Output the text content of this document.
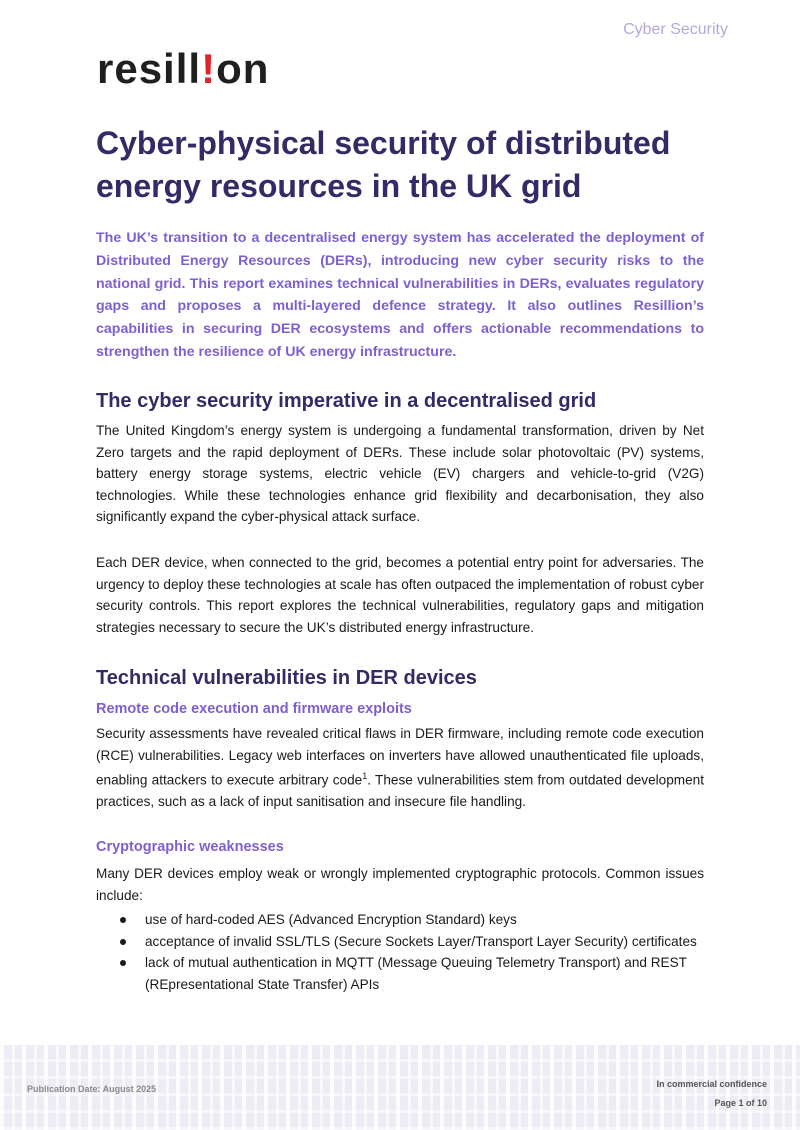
Cyber Security
resill!on
Cyber-physical security of distributed energy resources in the UK grid

The UK’s transition to a decentralised energy system has accelerated the deployment of Distributed Energy Resources (DERs), introducing new cyber security risks to the national grid. This report examines technical vulnerabilities in DERs, evaluates regulatory gaps and proposes a multi-layered defence strategy. It also outlines Resillion’s capabilities in securing DER ecosystems and offers actionable recommendations to strengthen the resilience of UK energy infrastructure.

The cyber security imperative in a decentralised grid

The United Kingdom’s energy system is undergoing a fundamental transformation, driven by Net Zero targets and the rapid deployment of DERs. These include solar photovoltaic (PV) systems, battery energy storage systems, electric vehicle (EV) chargers and vehicle-to-grid (V2G) technologies. While these technologies enhance grid flexibility and decarbonisation, they also significantly expand the cyber-physical attack surface.

Each DER device, when connected to the grid, becomes a potential entry point for adversaries. The urgency to deploy these technologies at scale has often outpaced the implementation of robust cyber security controls. This report explores the technical vulnerabilities, regulatory gaps and mitigation strategies necessary to secure the UK’s distributed energy infrastructure.

Technical vulnerabilities in DER devices
Remote code execution and firmware exploits

Security assessments have revealed critical flaws in DER firmware, including remote code execution (RCE) vulnerabilities. Legacy web interfaces on inverters have allowed unauthenticated file uploads, enabling attackers to execute arbitrary code$^1$. These vulnerabilities stem from outdated development practices, such as a lack of input sanitisation and insecure file handling.

Cryptographic weaknesses

Many DER devices employ weak or wrongly implemented cryptographic protocols. Common issues include:

use of hard-coded AES (Advanced Encryption Standard) keys
acceptance of invalid SSL/TLS (Secure Sockets Layer/Transport Layer Security) certificates
lack of mutual authentication in MQTT (Message Queuing Telemetry Transport) and REST (REpresentational State Transfer) APIs
Publication Date: August 2025	In commercial confidence
Page 1 of 10
